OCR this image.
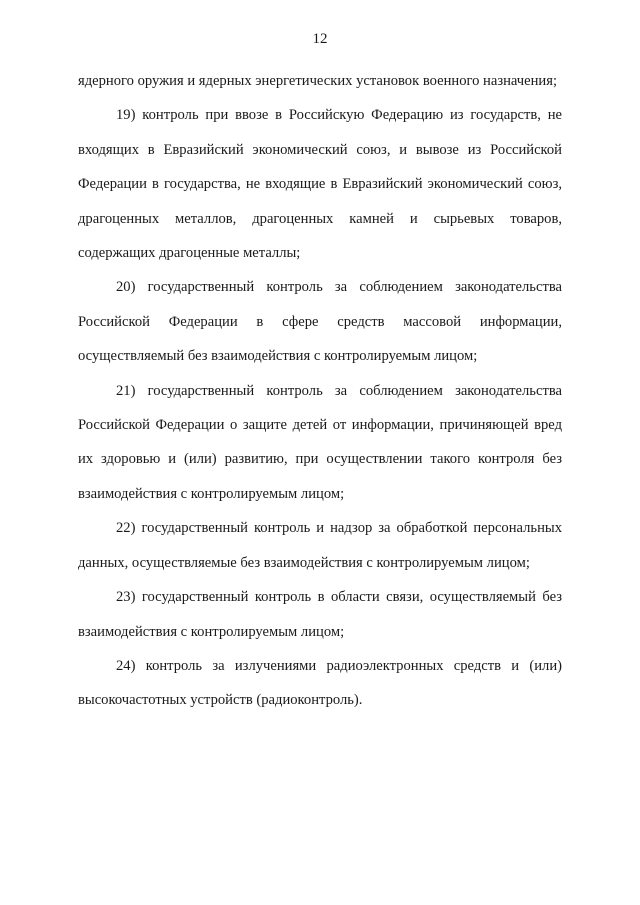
12

ядерного оружия и ядерных энергетических установок военного назначения;

19) контроль при ввозе в Российскую Федерацию из государств, не входящих в Евразийский экономический союз, и вывозе из Российской Федерации в государства, не входящие в Евразийский экономический союз, драгоценных металлов, драгоценных камней и сырьевых товаров, содержащих драгоценные металлы;

20) государственный контроль за соблюдением законодательства Российской Федерации в сфере средств массовой информации, осуществляемый без взаимодействия с контролируемым лицом;

21) государственный контроль за соблюдением законодательства Российской Федерации о защите детей от информации, причиняющей вред их здоровью и (или) развитию, при осуществлении такого контроля без взаимодействия с контролируемым лицом;

22) государственный контроль и надзор за обработкой персональных данных, осуществляемые без взаимодействия с контролируемым лицом;

23) государственный контроль в области связи, осуществляемый без взаимодействия с контролируемым лицом;

24) контроль за излучениями радиоэлектронных средств и (или) высокочастотных устройств (радиоконтроль).
